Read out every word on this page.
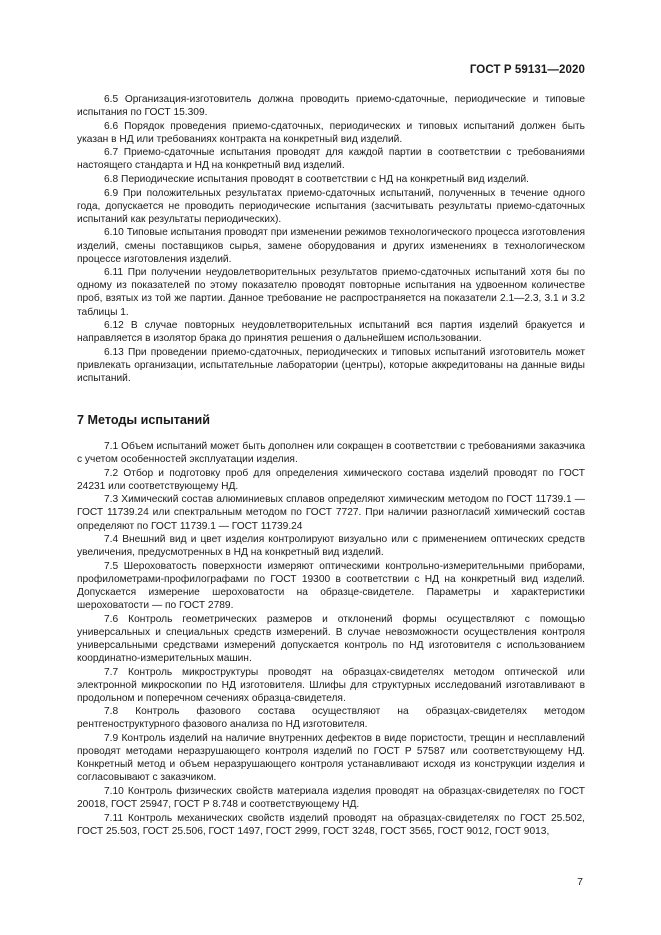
ГОСТ Р 59131—2020

6.5 Организация-изготовитель должна проводить приемо-сдаточные, периодические и типовые испытания по ГОСТ 15.309.

6.6 Порядок проведения приемо-сдаточных, периодических и типовых испытаний должен быть указан в НД или требованиях контракта на конкретный вид изделий.

6.7 Приемо-сдаточные испытания проводят для каждой партии в соответствии с требованиями настоящего стандарта и НД на конкретный вид изделий.

6.8 Периодические испытания проводят в соответствии с НД на конкретный вид изделий.

6.9 При положительных результатах приемо-сдаточных испытаний, полученных в течение одного года, допускается не проводить периодические испытания (засчитывать результаты приемо-сдаточных испытаний как результаты периодических).

6.10 Типовые испытания проводят при изменении режимов технологического процесса изготовления изделий, смены поставщиков сырья, замене оборудования и других изменениях в технологическом процессе изготовления изделий.

6.11 При получении неудовлетворительных результатов приемо-сдаточных испытаний хотя бы по одному из показателей по этому показателю проводят повторные испытания на удвоенном количестве проб, взятых из той же партии. Данное требование не распространяется на показатели 2.1—2.3, 3.1 и 3.2 таблицы 1.

6.12 В случае повторных неудовлетворительных испытаний вся партия изделий бракуется и направляется в изолятор брака до принятия решения о дальнейшем использовании.

6.13 При проведении приемо-сдаточных, периодических и типовых испытаний изготовитель может привлекать организации, испытательные лаборатории (центры), которые аккредитованы на данные виды испытаний.

7 Методы испытаний

7.1 Объем испытаний может быть дополнен или сокращен в соответствии с требованиями заказчика с учетом особенностей эксплуатации изделия.

7.2 Отбор и подготовку проб для определения химического состава изделий проводят по ГОСТ 24231 или соответствующему НД.

7.3 Химический состав алюминиевых сплавов определяют химическим методом по ГОСТ 11739.1 — ГОСТ 11739.24 или спектральным методом по ГОСТ 7727. При наличии разногласий химический состав определяют по ГОСТ 11739.1 — ГОСТ 11739.24

7.4 Внешний вид и цвет изделия контролируют визуально или с применением оптических средств увеличения, предусмотренных в НД на конкретный вид изделий.

7.5 Шероховатость поверхности измеряют оптическими контрольно-измерительными приборами, профилометрами-профилографами по ГОСТ 19300 в соответствии с НД на конкретный вид изделий. Допускается измерение шероховатости на образце-свидетеле. Параметры и характеристики шероховатости — по ГОСТ 2789.

7.6 Контроль геометрических размеров и отклонений формы осуществляют с помощью универсальных и специальных средств измерений. В случае невозможности осуществления контроля универсальными средствами измерений допускается контроль по НД изготовителя с использованием координатно-измерительных машин.

7.7 Контроль микроструктуры проводят на образцах-свидетелях методом оптической или электронной микроскопии по НД изготовителя. Шлифы для структурных исследований изготавливают в продольном и поперечном сечениях образца-свидетеля.

7.8 Контроль фазового состава осуществляют на образцах-свидетелях методом рентгеноструктурного фазового анализа по НД изготовителя.

7.9 Контроль изделий на наличие внутренних дефектов в виде пористости, трещин и несплавлений проводят методами неразрушающего контроля изделий по ГОСТ Р 57587 или соответствующему НД. Конкретный метод и объем неразрушающего контроля устанавливают исходя из конструкции изделия и согласовывают с заказчиком.

7.10 Контроль физических свойств материала изделия проводят на образцах-свидетелях по ГОСТ 20018, ГОСТ 25947, ГОСТ Р 8.748 и соответствующему НД.

7.11 Контроль механических свойств изделий проводят на образцах-свидетелях по ГОСТ 25.502, ГОСТ 25.503, ГОСТ 25.506, ГОСТ 1497, ГОСТ 2999, ГОСТ 3248, ГОСТ 3565, ГОСТ 9012, ГОСТ 9013,

7
